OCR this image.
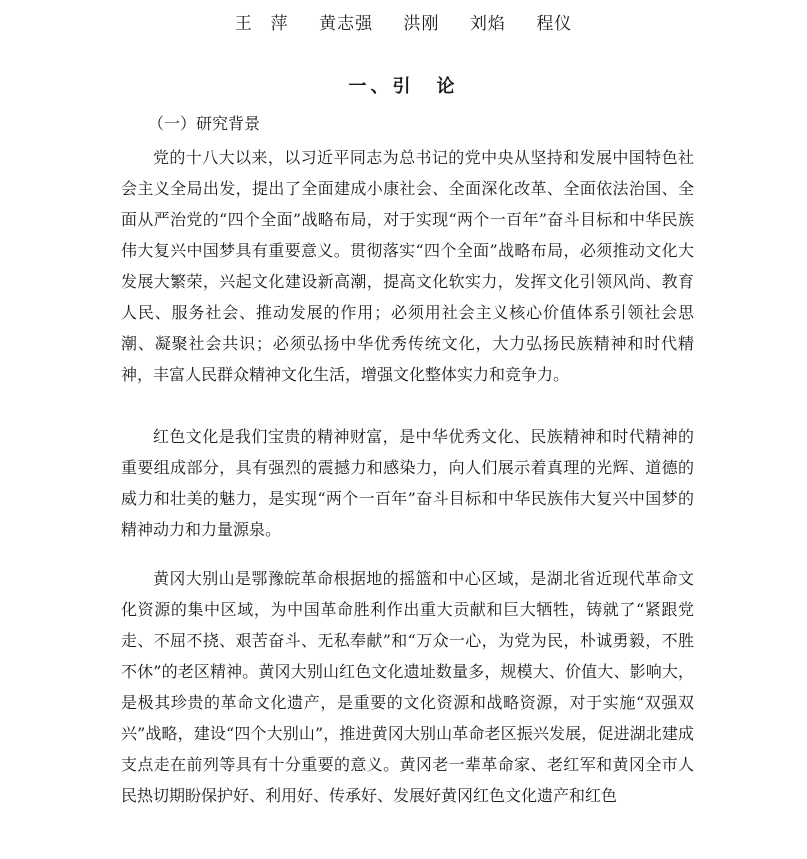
王　萍 黄志强 洪刚 刘焰 程仪
一、引　论
（一）研究背景

党的十八大以来，以习近平同志为总书记的党中央从坚持和发展中国特色社会主义全局出发，提出了全面建成小康社会、全面深化改革、全面依法治国、全面从严治党的“四个全面”战略布局，对于实现“两个一百年”奋斗目标和中华民族伟大复兴中国梦具有重要意义。贯彻落实“四个全面”战略布局，必须推动文化大发展大繁荣，兴起文化建设新高潮，提高文化软实力，发挥文化引领风尚、教育人民、服务社会、推动发展的作用；必须用社会主义核心价值体系引领社会思潮、凝聚社会共识；必须弘扬中华优秀传统文化，大力弘扬民族精神和时代精神，丰富人民群众精神文化生活，增强文化整体实力和竞争力。

红色文化是我们宝贵的精神财富，是中华优秀文化、民族精神和时代精神的重要组成部分，具有强烈的震撼力和感染力，向人们展示着真理的光辉、道德的威力和壮美的魅力，是实现“两个一百年”奋斗目标和中华民族伟大复兴中国梦的精神动力和力量源泉。

黄冈大别山是鄂豫皖革命根据地的摇篮和中心区域，是湖北省近现代革命文化资源的集中区域，为中国革命胜利作出重大贡献和巨大牺牲，铸就了“紧跟党走、不屈不挠、艰苦奋斗、无私奉献”和“万众一心，为党为民，朴诚勇毅，不胜不休”的老区精神。黄冈大别山红色文化遗址数量多，规模大、价值大、影响大，是极其珍贵的革命文化遗产，是重要的文化资源和战略资源，对于实施“双强双兴”战略，建设“四个大别山”，推进黄冈大别山革命老区振兴发展，促进湖北建成支点走在前列等具有十分重要的意义。黄冈老一辈革命家、老红军和黄冈全市人民热切期盼保护好、利用好、传承好、发展好黄冈红色文化遗产和红色
